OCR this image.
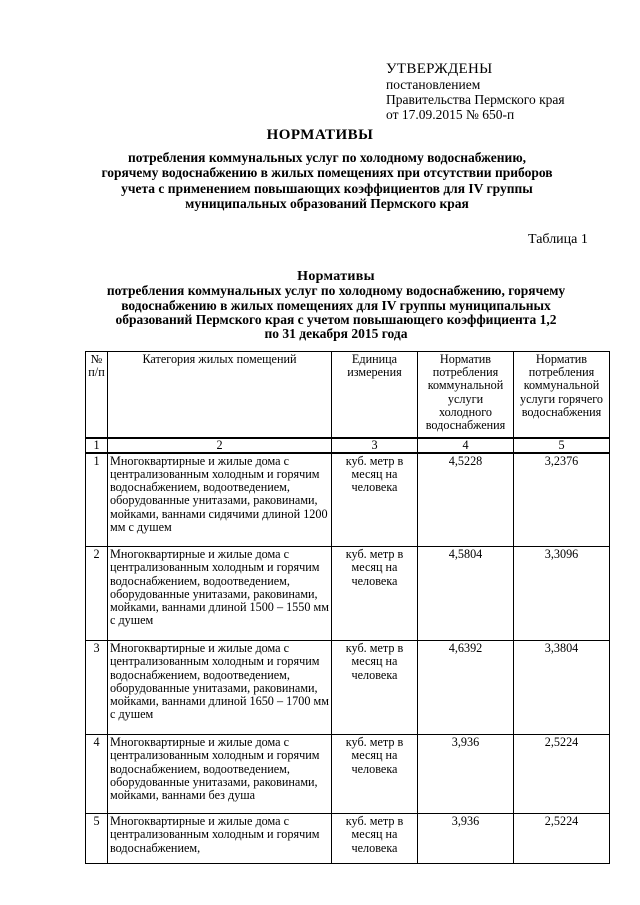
УТВЕРЖДЕНЫ
постановлением
Правительства Пермского края
от 17.09.2015 № 650-п
НОРМАТИВЫ
потребления коммунальных услуг по холодному водоснабжению,
горячему водоснабжению в жилых помещениях при отсутствии приборов
учета с применением повышающих коэффициентов для IV группы
муниципальных образований Пермского края
Таблица 1
Нормативы
потребления коммунальных услуг по холодному водоснабжению, горячему
водоснабжению в жилых помещениях для IV группы муниципальных
образований Пермского края с учетом повышающего коэффициента 1,2
по 31 декабря 2015 года
№ п/п	Категория жилых помещений	Единица измерения	Норматив потребления коммунальной услуги холодного водоснабжения	Норматив потребления коммунальной услуги горячего водоснабжения
1	2	3	4	5
1	Многоквартирные и жилые дома с централизованным холодным и горячим водоснабжением, водоотведением, оборудованные унитазами, раковинами, мойками, ваннами сидячими длиной 1200 мм с душем	куб. метр в месяц на человека	4,5228	3,2376
2	Многоквартирные и жилые дома с централизованным холодным и горячим водоснабжением, водоотведением, оборудованные унитазами, раковинами, мойками, ваннами длиной 1500 – 1550 мм с душем	куб. метр в месяц на человека	4,5804	3,3096
3	Многоквартирные и жилые дома с централизованным холодным и горячим водоснабжением, водоотведением, оборудованные унитазами, раковинами, мойками, ваннами длиной 1650 – 1700 мм с душем	куб. метр в месяц на человека	4,6392	3,3804
4	Многоквартирные и жилые дома с централизованным холодным и горячим водоснабжением, водоотведением, оборудованные унитазами, раковинами, мойками, ваннами без душа	куб. метр в месяц на человека	3,936	2,5224
5	Многоквартирные и жилые дома с централизованным холодным и горячим водоснабжением,	куб. метр в месяц на человека	3,936	2,5224
